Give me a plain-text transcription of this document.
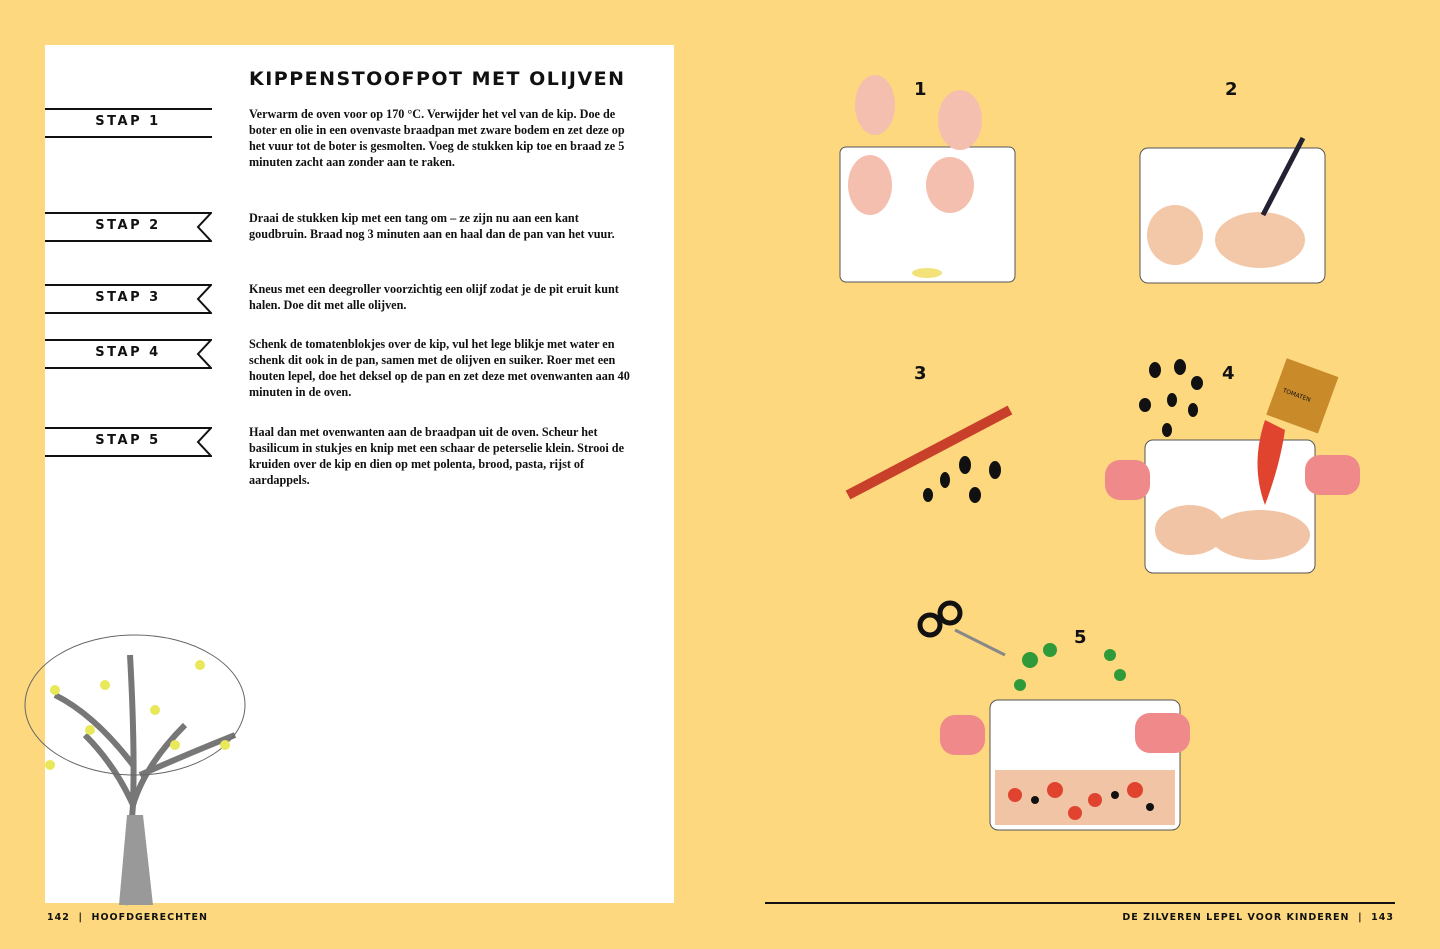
KIPPENSTOOFPOT MET OLIJVEN
STAP 1
STAP 2
STAP 3
STAP 4
STAP 5
Verwarm de oven voor op 170 °C. Verwijder het vel van de kip. Doe de boter en olie in een ovenvaste braadpan met zware bodem en zet deze op het vuur tot de boter is gesmolten. Voeg de stukken kip toe en braad ze 5 minuten zacht aan zonder aan te raken.
Draai de stukken kip met een tang om – ze zijn nu aan een kant goudbruin. Braad nog 3 minuten aan en haal dan de pan van het vuur.
Kneus met een deegroller voorzichtig een olijf zodat je de pit eruit kunt halen. Doe dit met alle olijven.
Schenk de tomatenblokjes over de kip, vul het lege blikje met water en schenk dit ook in de pan, samen met de olijven en suiker. Roer met een houten lepel, doe het deksel op de pan en zet deze met ovenwanten aan 40 minuten in de oven.
Haal dan met ovenwanten aan de braadpan uit de oven. Scheur het basilicum in stukjes en knip met een schaar de peterselie klein. Strooi de kruiden over de kip en dien op met polenta, brood, pasta, rijst of aardappels.
1	2
3	4
5
TOMATEN
142  |  HOOFDGERECHTEN	DE ZILVEREN LEPEL VOOR KINDEREN  |  143
